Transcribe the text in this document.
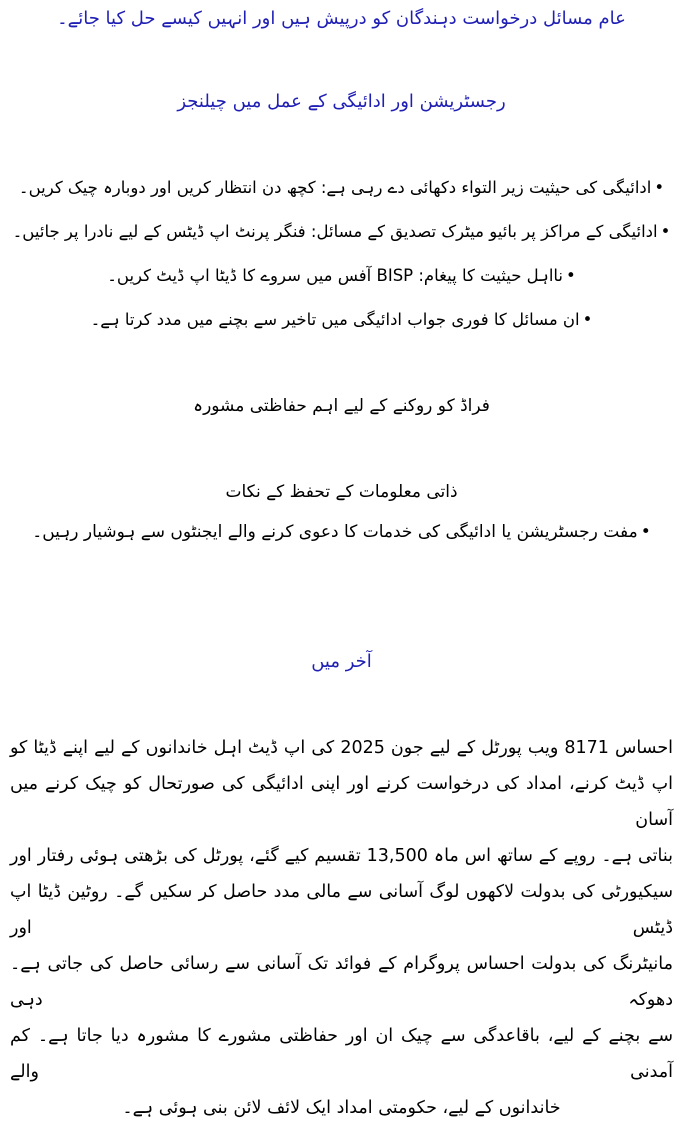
عام مسائل درخواست دہندگان کو درپیش ہیں اور انہیں کیسے حل کیا جائے۔
رجسٹریشن اور ادائیگی کے عمل میں چیلنجز
•ادائیگی کی حیثیت زیر التواء دکھائی دے رہی ہے: کچھ دن انتظار کریں اور دوبارہ چیک کریں۔
•ادائیگی کے مراکز پر بائیو میٹرک تصدیق کے مسائل: فنگر پرنٹ اپ ڈیٹس کے لیے نادرا پر جائیں۔
•نااہل حیثیت کا پیغام: BISP آفس میں سروے کا ڈیٹا اپ ڈیٹ کریں۔
•ان مسائل کا فوری جواب ادائیگی میں تاخیر سے بچنے میں مدد کرتا ہے۔
فراڈ کو روکنے کے لیے اہم حفاظتی مشورہ
ذاتی معلومات کے تحفظ کے نکات
•مفت رجسٹریشن یا ادائیگی کی خدمات کا دعوی کرنے والے ایجنٹوں سے ہوشیار رہیں۔
آخر میں
احساس 8171 ویب پورٹل کے لیے جون 2025 کی اپ ڈیٹ اہل خاندانوں کے لیے اپنے ڈیٹا کو
اپ ڈیٹ کرنے، امداد کی درخواست کرنے اور اپنی ادائیگی کی صورتحال کو چیک کرنے میں آسان
بناتی ہے۔ روپے کے ساتھ اس ماہ 13,500 تقسیم کیے گئے، پورٹل کی بڑھتی ہوئی رفتار اور
سیکیورٹی کی بدولت لاکھوں لوگ آسانی سے مالی مدد حاصل کر سکیں گے۔ روٹین ڈیٹا اپ ڈیٹس اور
مانیٹرنگ کی بدولت احساس پروگرام کے فوائد تک آسانی سے رسائی حاصل کی جاتی ہے۔ دھوکہ دہی
سے بچنے کے لیے، باقاعدگی سے چیک ان اور حفاظتی مشورے کا مشورہ دیا جاتا ہے۔ کم آمدنی والے
خاندانوں کے لیے، حکومتی امداد ایک لائف لائن بنی ہوئی ہے۔
